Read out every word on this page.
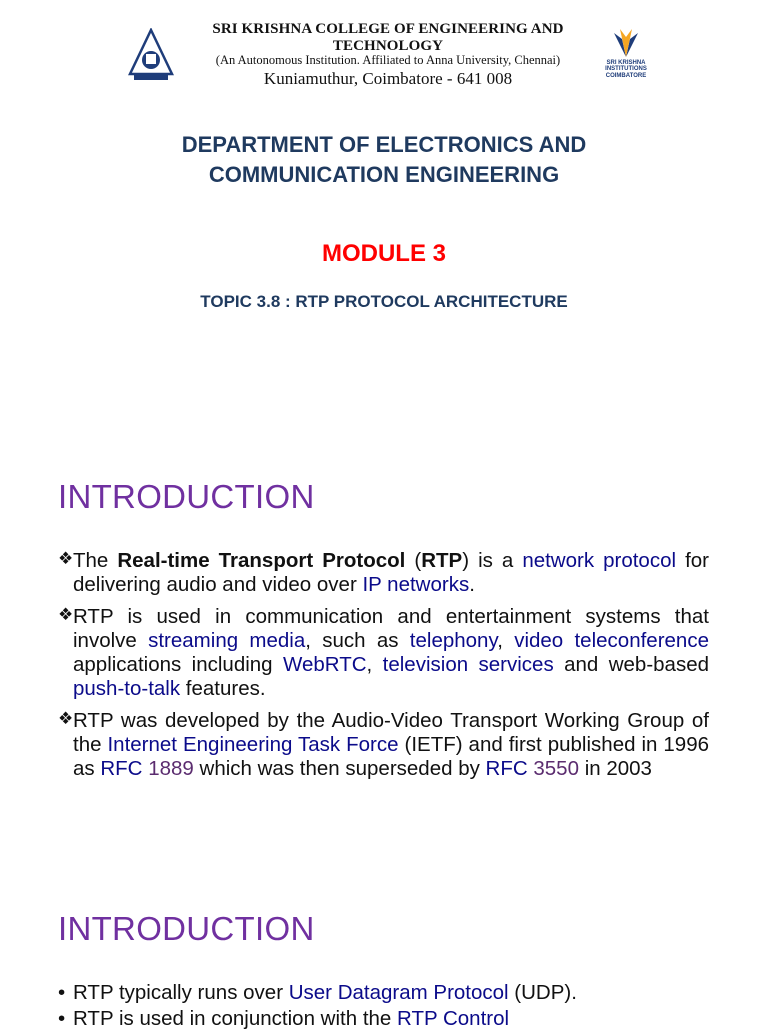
SRI KRISHNA COLLEGE OF ENGINEERING AND TECHNOLOGY
(An Autonomous Institution. Affiliated to Anna University, Chennai)
Kuniamuthur, Coimbatore - 641 008
SRI KRISHNA INSTITUTIONS COIMBATORE
DEPARTMENT OF ELECTRONICS AND
COMMUNICATION ENGINEERING
MODULE 3
TOPIC 3.8 : RTP PROTOCOL ARCHITECTURE
INTRODUCTION
❖ The Real-time Transport Protocol (RTP) is a network protocol for delivering audio and video over IP networks.
❖ RTP is used in communication and entertainment systems that involve streaming media, such as telephony, video teleconference applications including WebRTC, television services and web-based push-to-talk features.
❖ RTP was developed by the Audio-Video Transport Working Group of the Internet Engineering Task Force (IETF) and first published in 1996 as RFC 1889 which was then superseded by RFC 3550 in 2003
INTRODUCTION
• RTP typically runs over User Datagram Protocol (UDP).
• RTP is used in conjunction with the RTP Control
